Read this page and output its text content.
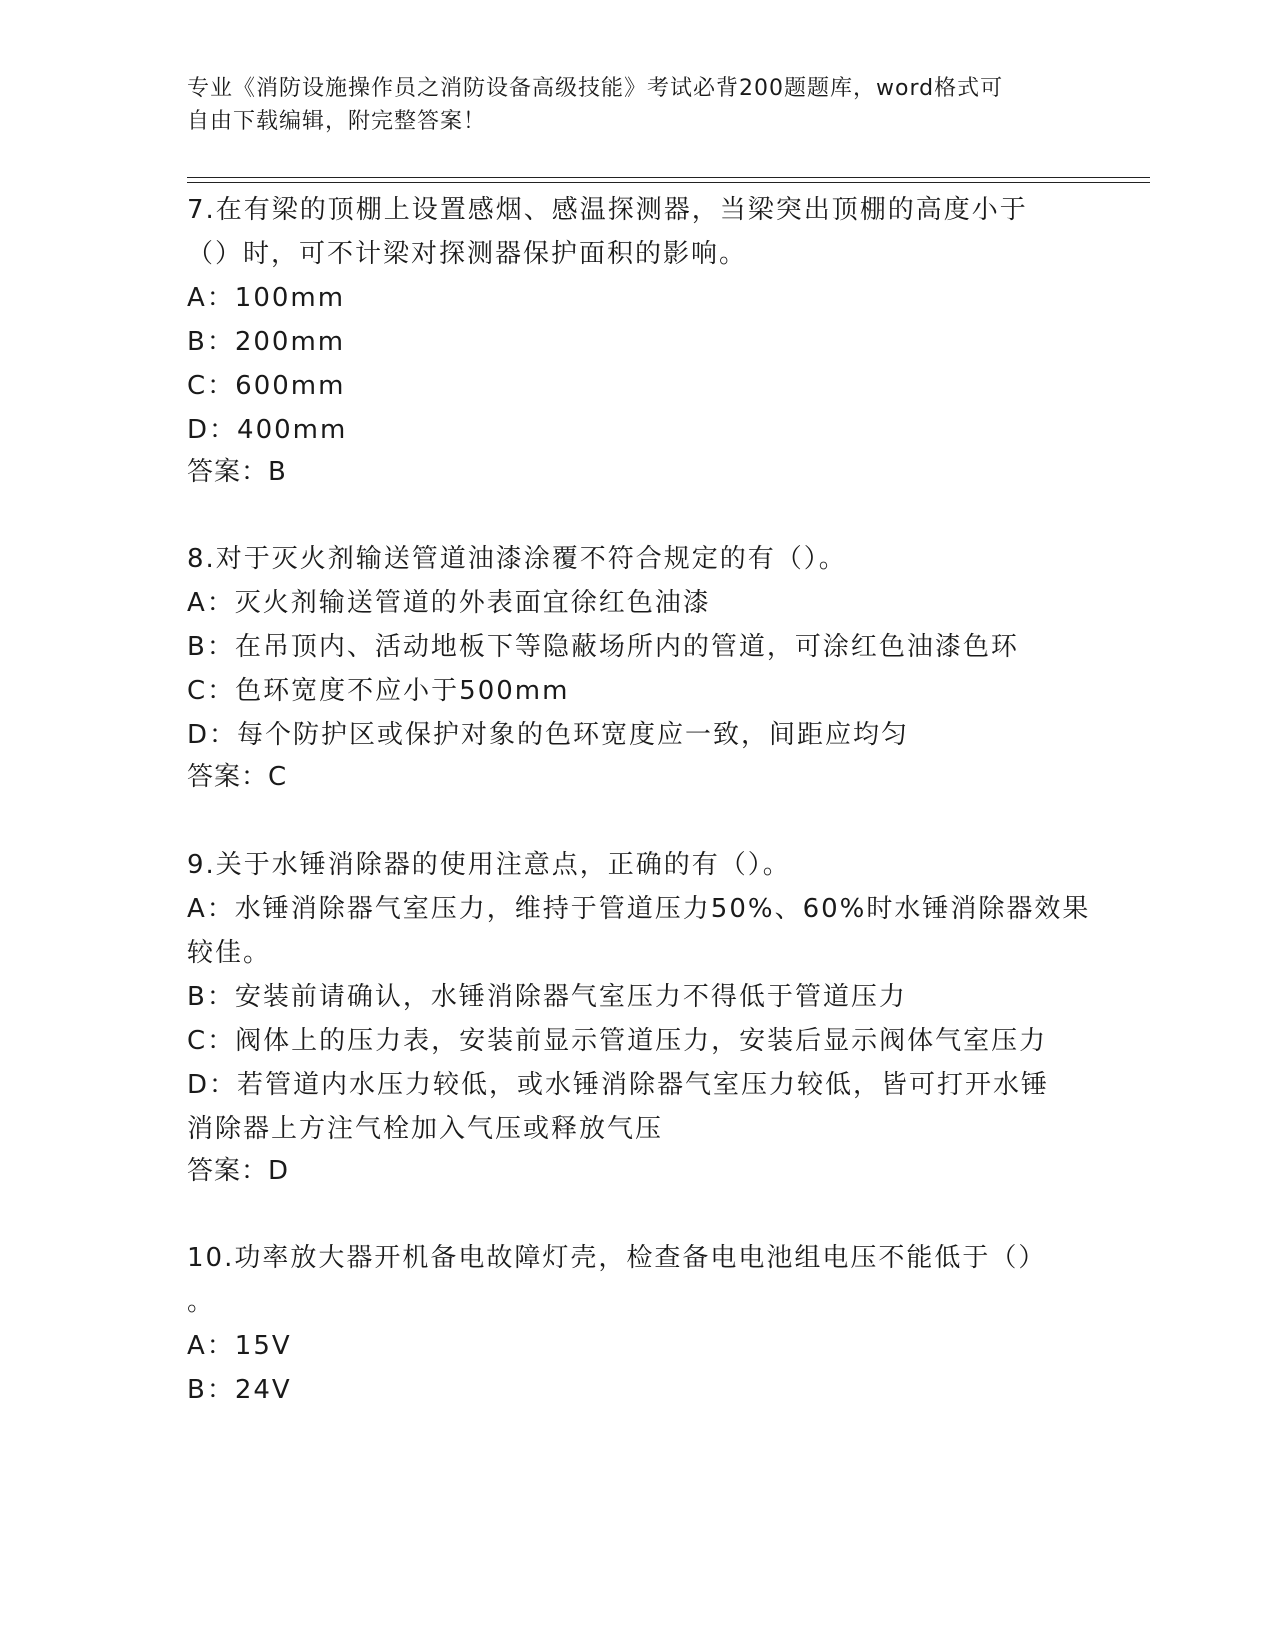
专业《消防设施操作员之消防设备高级技能》考试必背200题题库，word格式可
自由下载编辑，附完整答案！
7.在有梁的顶棚上设置感烟、感温探测器，当梁突出顶棚的高度小于
（）时，可不计梁对探测器保护面积的影响。
A：100mm
B：200mm
C：600mm
D：400mm
答案：B
8.对于灭火剂输送管道油漆涂覆不符合规定的有（）。
A：灭火剂输送管道的外表面宜徐红色油漆
B：在吊顶内、活动地板下等隐蔽场所内的管道，可涂红色油漆色环
C：色环宽度不应小于500mm
D：每个防护区或保护对象的色环宽度应一致，间距应均匀
答案：C
9.关于水锤消除器的使用注意点，正确的有（）。
A：水锤消除器气室压力，维持于管道压力50%、60%时水锤消除器效果
较佳。
B：安装前请确认，水锤消除器气室压力不得低于管道压力
C：阀体上的压力表，安装前显示管道压力，安装后显示阀体气室压力
D：若管道内水压力较低，或水锤消除器气室压力较低，皆可打开水锤
消除器上方注气栓加入气压或释放气压
答案：D
10.功率放大器开机备电故障灯壳，检查备电电池组电压不能低于（）
。
A：15V
B：24V
